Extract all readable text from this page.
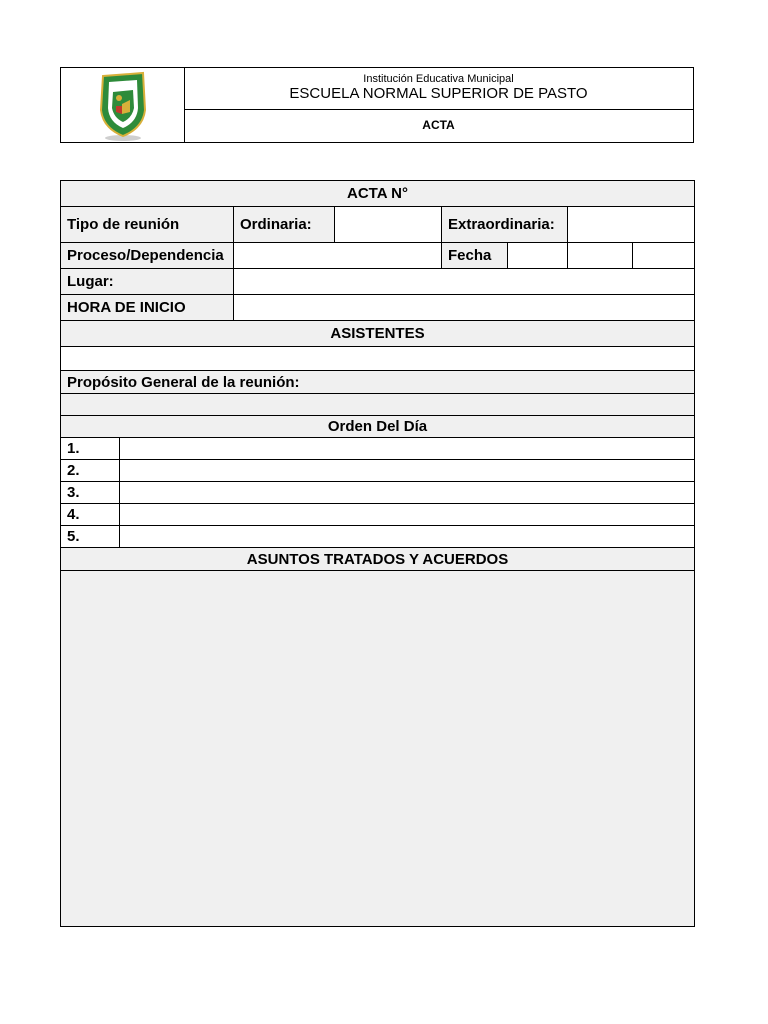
Institución Educativa Municipal
ESCUELA NORMAL SUPERIOR DE PASTO
ACTA
ACTA N°							
Tipo de reunión		Ordinaria:		Extraordinaria:			
Proceso/Dependencia				Fecha			
Lugar:							
HORA DE INICIO							
ASISTENTES							

Propósito General de la reunión:							

Orden Del Día							
1.							
2.							
3.							
4.							
5.							
ASUNTOS TRATADOS Y ACUERDOS							
